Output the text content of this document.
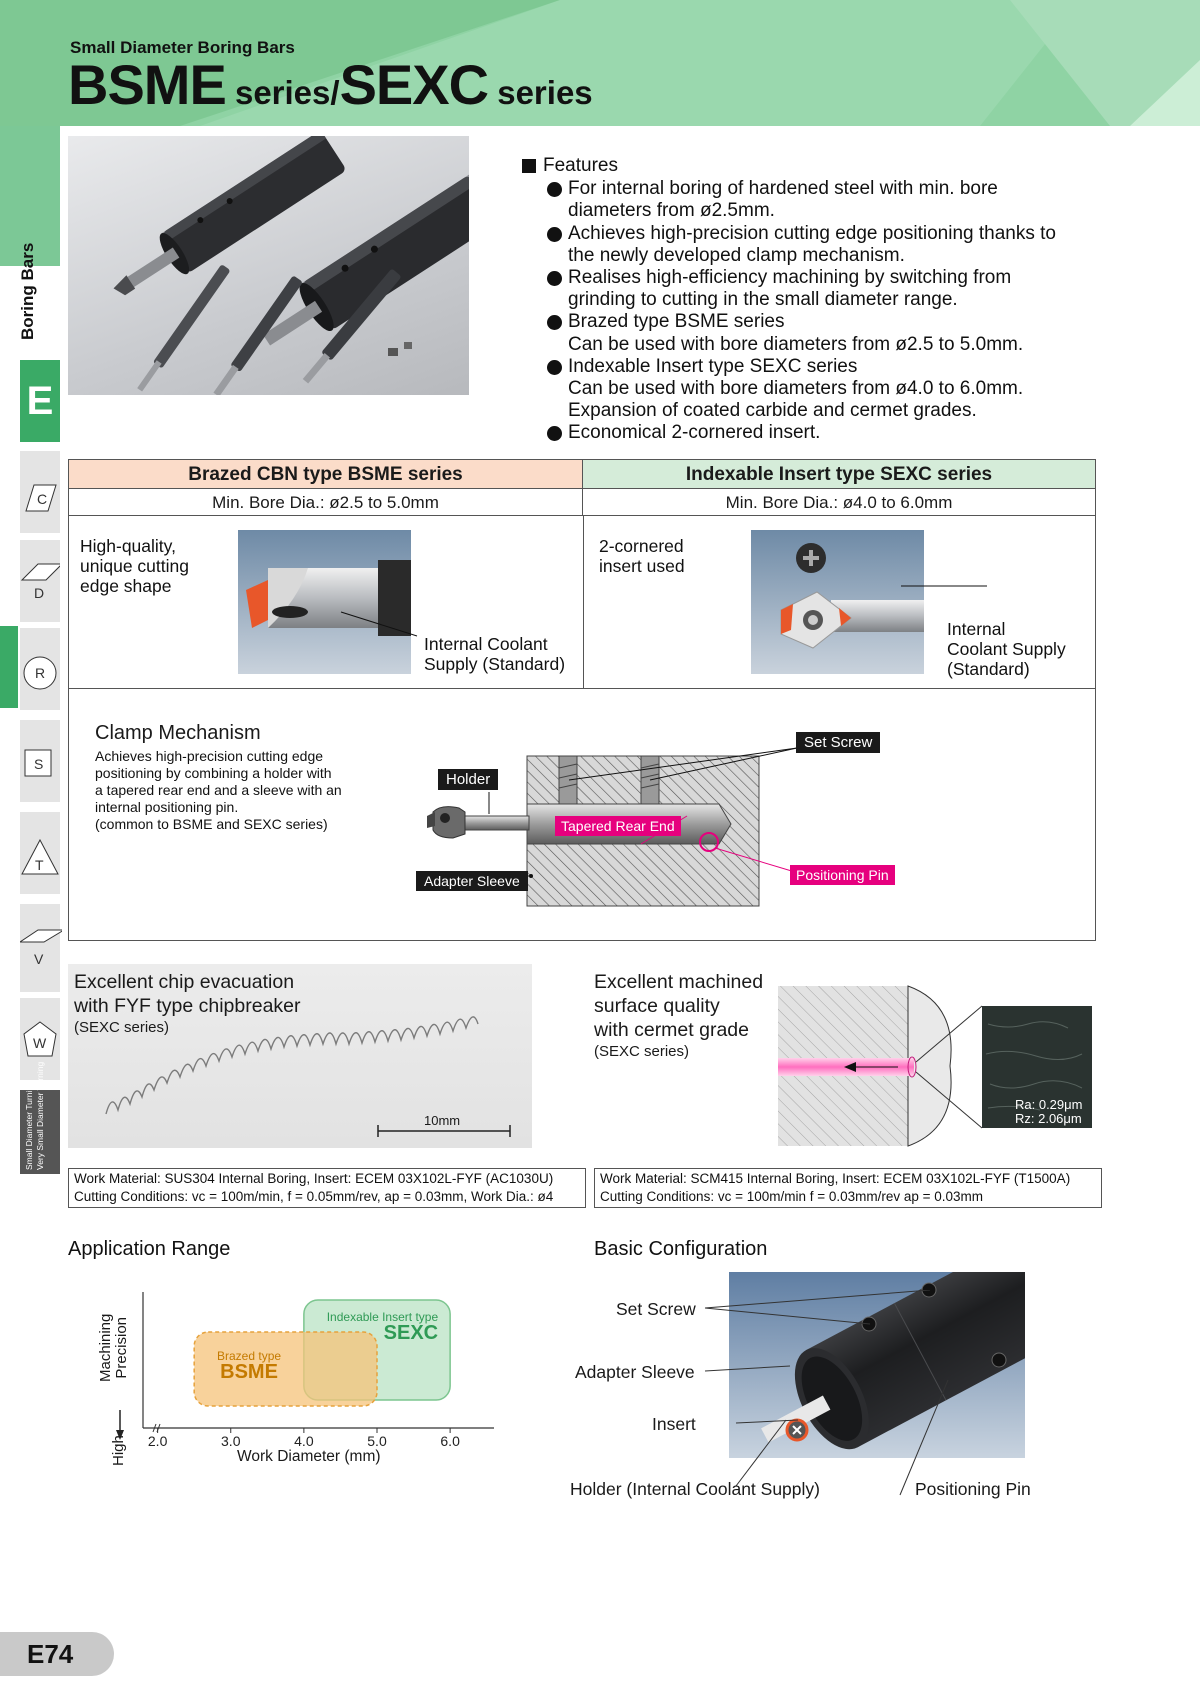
Small Diameter Boring Bars
BSME series/SEXC series
Boring Bars
E
C
D
R
S
T
V
W
Small Diameter Turning Very Small Diameter Turning
Features
For internal boring of hardened steel with min. bore
diameters from ø2.5mm.
Achieves high-precision cutting edge positioning thanks to
the newly developed clamp mechanism.
Realises high-efficiency machining by switching from
grinding to cutting in the small diameter range.
Brazed type BSME series
Can be used with bore diameters from ø2.5 to 5.0mm.
Indexable Insert type SEXC series
Can be used with bore diameters from ø4.0 to 6.0mm.
Expansion of coated carbide and cermet grades.
Economical 2-cornered insert.
Brazed CBN type BSME series	Indexable Insert type SEXC series
Min. Bore Dia.: ø2.5 to 5.0mm	Min. Bore Dia.: ø4.0 to 6.0mm
High-quality,
unique cutting
edge shape
Internal Coolant
Supply (Standard)
2-cornered
insert used
Internal
Coolant Supply
(Standard)
Clamp Mechanism
Achieves high-precision cutting edge
positioning by combining a holder with
a tapered rear end and a sleeve with an
internal positioning pin.
(common to BSME and SEXC series)
Holder
Set Screw
Tapered Rear End
Adapter Sleeve	Positioning Pin
Excellent chip evacuation
with FYF type chipbreaker
(SEXC series)
10mm
Excellent machined
surface quality
with cermet grade
(SEXC series)
Ra: 0.29μm
Rz: 2.06μm
Work Material: SUS304 Internal Boring, Insert: ECEM 03X102L-FYF (AC1030U)
Cutting Conditions: vc = 100m/min, f = 0.05mm/rev, ap = 0.03mm, Work Dia.: ø4
Work Material: SCM415 Internal Boring, Insert: ECEM 03X102L-FYF (T1500A)
Cutting Conditions: vc = 100m/min f = 0.03mm/rev ap = 0.03mm
Application Range
2.0	3.0	4.0	5.0	6.0
Machining Precision
High	Work Diameter (mm)
Brazed type
BSME
Indexable Insert type
SEXC
Basic Configuration
Set Screw
Adapter Sleeve
Insert
Holder (Internal Coolant Supply)	Positioning Pin
E74
